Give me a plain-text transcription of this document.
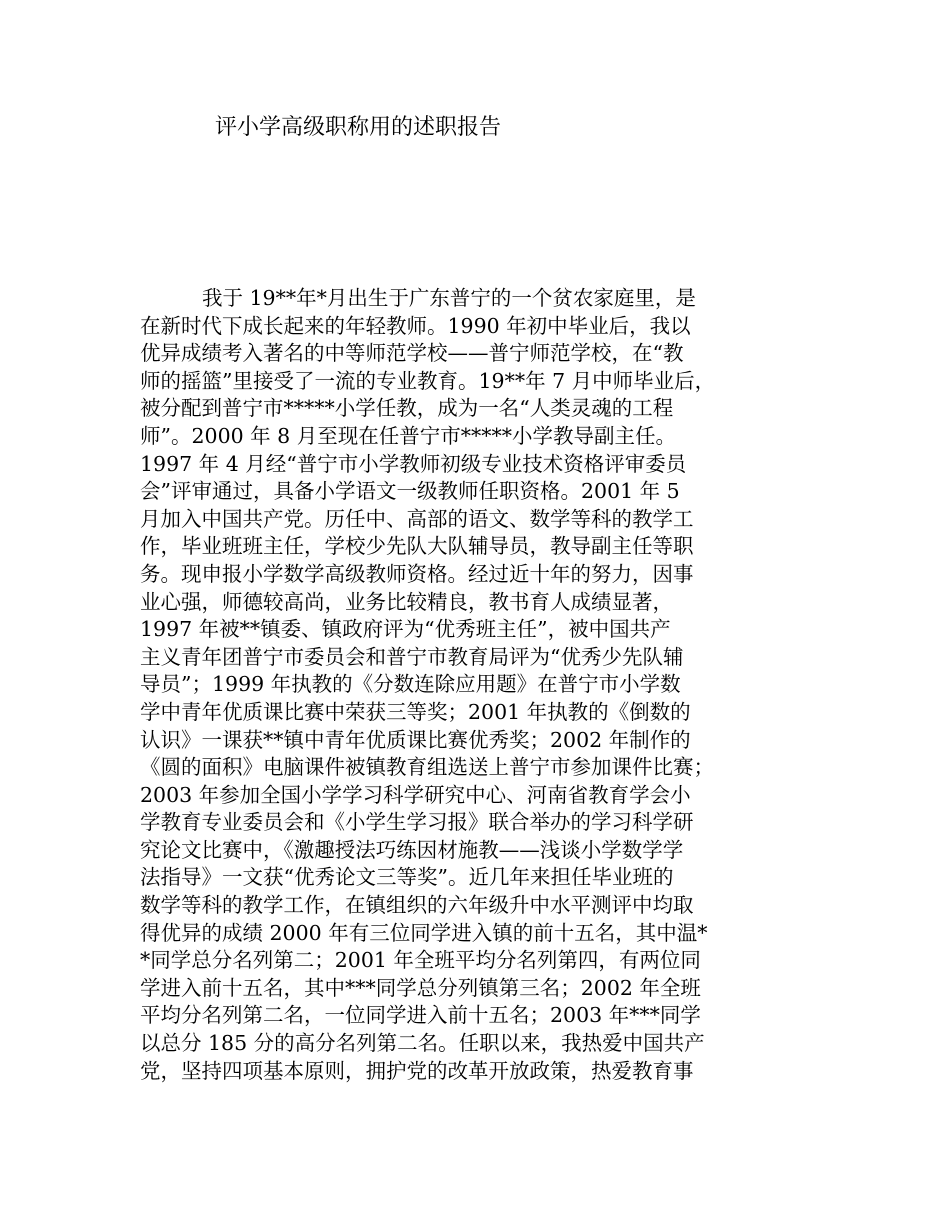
评小学高级职称用的述职报告
我于 19**年*月出生于广东普宁的一个贫农家庭里，是
在新时代下成长起来的年轻教师。1990 年初中毕业后，我以
优异成绩考入著名的中等师范学校——普宁师范学校，在“教
师的摇篮”里接受了一流的专业教育。19**年 7 月中师毕业后，
被分配到普宁市*****小学任教，成为一名“人类灵魂的工程
师”。2000 年 8 月至现在任普宁市*****小学教导副主任。
1997 年 4 月经“普宁市小学教师初级专业技术资格评审委员
会”评审通过，具备小学语文一级教师任职资格。2001 年 5
月加入中国共产党。历任中、高部的语文、数学等科的教学工
作，毕业班班主任，学校少先队大队辅导员，教导副主任等职
务。现申报小学数学高级教师资格。经过近十年的努力，因事
业心强，师德较高尚，业务比较精良，教书育人成绩显著，
1997 年被**镇委、镇政府评为“优秀班主任”，被中国共产
主义青年团普宁市委员会和普宁市教育局评为“优秀少先队辅
导员”；1999 年执教的《分数连除应用题》在普宁市小学数
学中青年优质课比赛中荣获三等奖；2001 年执教的《倒数的
认识》一课获**镇中青年优质课比赛优秀奖；2002 年制作的
《圆的面积》电脑课件被镇教育组选送上普宁市参加课件比赛；
2003 年参加全国小学学习科学研究中心、河南省教育学会小
学教育专业委员会和《小学生学习报》联合举办的学习科学研
究论文比赛中，《激趣授法巧练因材施教——浅谈小学数学学
法指导》一文获“优秀论文三等奖”。近几年来担任毕业班的
数学等科的教学工作，在镇组织的六年级升中水平测评中均取
得优异的成绩 2000 年有三位同学进入镇的前十五名，其中温*
*同学总分名列第二；2001 年全班平均分名列第四，有两位同
学进入前十五名，其中***同学总分列镇第三名；2002 年全班
平均分名列第二名，一位同学进入前十五名；2003 年***同学
以总分 185 分的高分名列第二名。任职以来，我热爱中国共产
党，坚持四项基本原则，拥护党的改革开放政策，热爱教育事
